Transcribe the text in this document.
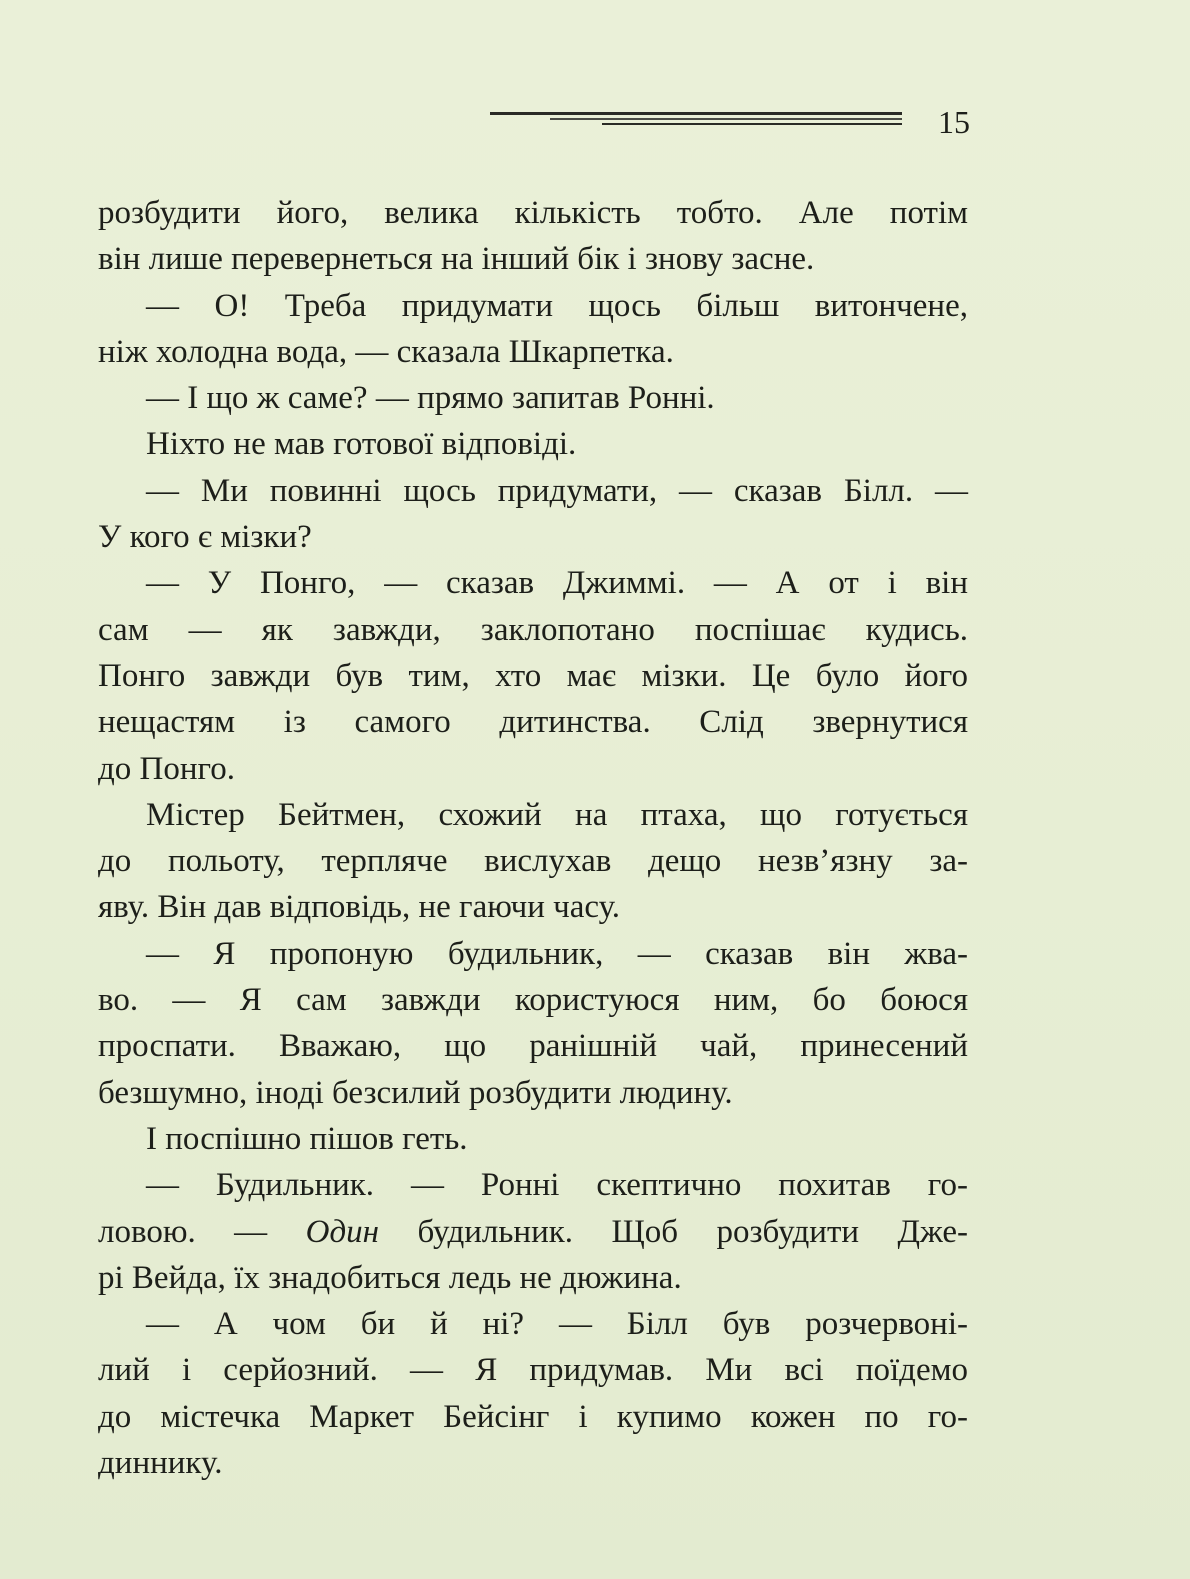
15
розбудити його, велика кількість тобто. Але потім
він лише перевернеться на інший бік і знову засне.
— О! Треба придумати щось більш витончене,
ніж холодна вода, — сказала Шкарпетка.
— І що ж саме? — прямо запитав Ронні.
Ніхто не мав готової відповіді.
— Ми повинні щось придумати, — сказав Білл. —
У кого є мізки?
— У Понго, — сказав Джиммі. — А от і він
сам — як завжди, заклопотано поспішає кудись.
Понго завжди був тим, хто має мізки. Це було його
нещастям із самого дитинства. Слід звернутися
до Понго.
Містер Бейтмен, схожий на птаха, що готується
до польоту, терпляче вислухав дещо незв’язну за-
яву. Він дав відповідь, не гаючи часу.
— Я пропоную будильник, — сказав він жва-
во. — Я сам завжди користуюся ним, бо боюся
проспати. Вважаю, що ранішній чай, принесений
безшумно, іноді безсилий розбудити людину.
І поспішно пішов геть.
— Будильник. — Ронні скептично похитав го-
ловою. — Один будильник. Щоб розбудити Дже-
рі Вейда, їх знадобиться ледь не дюжина.
— А чом би й ні? — Білл був розчервоні-
лий і серйозний. — Я придумав. Ми всі поїдемо
до містечка Маркет Бейсінг і купимо кожен по го-
диннику.
